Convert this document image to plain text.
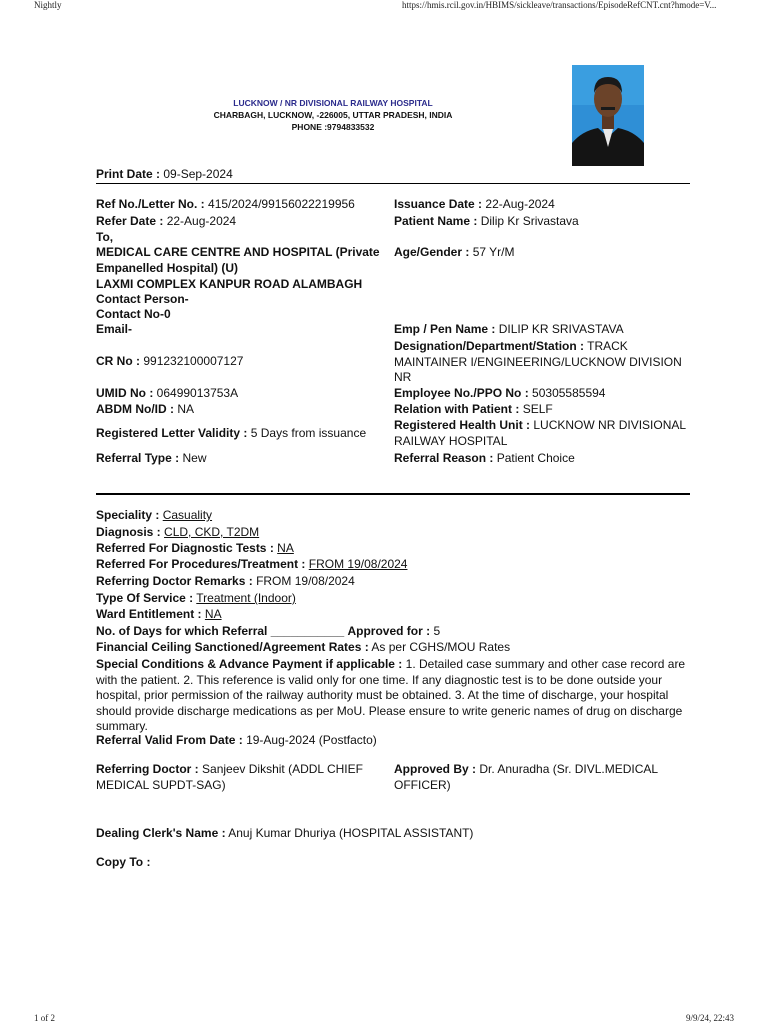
Nightly	https://hmis.rcil.gov.in/HBIMS/sickleave/transactions/EpisodeRefCNT.cnt?hmode=V...
1 of 2	9/9/24, 22:43
LUCKNOW / NR DIVISIONAL RAILWAY HOSPITAL
CHARBAGH, LUCKNOW, -226005, UTTAR PRADESH, INDIA
PHONE :9794833532
Print Date : 09-Sep-2024
Ref No./Letter No. : 415/2024/99156022219956
Refer Date : 22-Aug-2024
To,
MEDICAL CARE CENTRE AND HOSPITAL (Private Empanelled Hospital) (U)
LAXMI COMPLEX KANPUR ROAD ALAMBAGH
Contact Person-
Contact No-0
Email-
CR No : 991232100007127
UMID No : 06499013753A
ABDM No/ID : NA
Registered Letter Validity : 5 Days from issuance
Referral Type : New
Issuance Date : 22-Aug-2024
Patient Name : Dilip Kr Srivastava
Age/Gender : 57 Yr/M
Emp / Pen Name : DILIP KR SRIVASTAVA
Designation/Department/Station : TRACK MAINTAINER I/ENGINEERING/LUCKNOW DIVISION NR
Employee No./PPO No : 50305585594
Relation with Patient : SELF
Registered Health Unit : LUCKNOW NR DIVISIONAL RAILWAY HOSPITAL
Referral Reason : Patient Choice
Speciality : Casuality
Diagnosis : CLD, CKD, T2DM
Referred For Diagnostic Tests : NA
Referred For Procedures/Treatment : FROM 19/08/2024
Referring Doctor Remarks : FROM 19/08/2024
Type Of Service : Treatment (Indoor)
Ward Entitlement : NA
No. of Days for which Referral ___________ Approved for : 5
Financial Ceiling Sanctioned/Agreement Rates : As per CGHS/MOU Rates
Special Conditions & Advance Payment if applicable : 1. Detailed case summary and other case record are with the patient. 2. This reference is valid only for one time. If any diagnostic test is to be done outside your hospital, prior permission of the railway authority must be obtained. 3. At the time of discharge, your hospital should provide discharge medications as per MoU. Please ensure to write generic names of drug on discharge summary.
Referral Valid From Date : 19-Aug-2024 (Postfacto)
Referring Doctor : Sanjeev Dikshit (ADDL CHIEF MEDICAL SUPDT-SAG)
Approved By : Dr. Anuradha (Sr. DIVL.MEDICAL OFFICER)
Dealing Clerk's Name : Anuj Kumar Dhuriya (HOSPITAL ASSISTANT)
Copy To :
